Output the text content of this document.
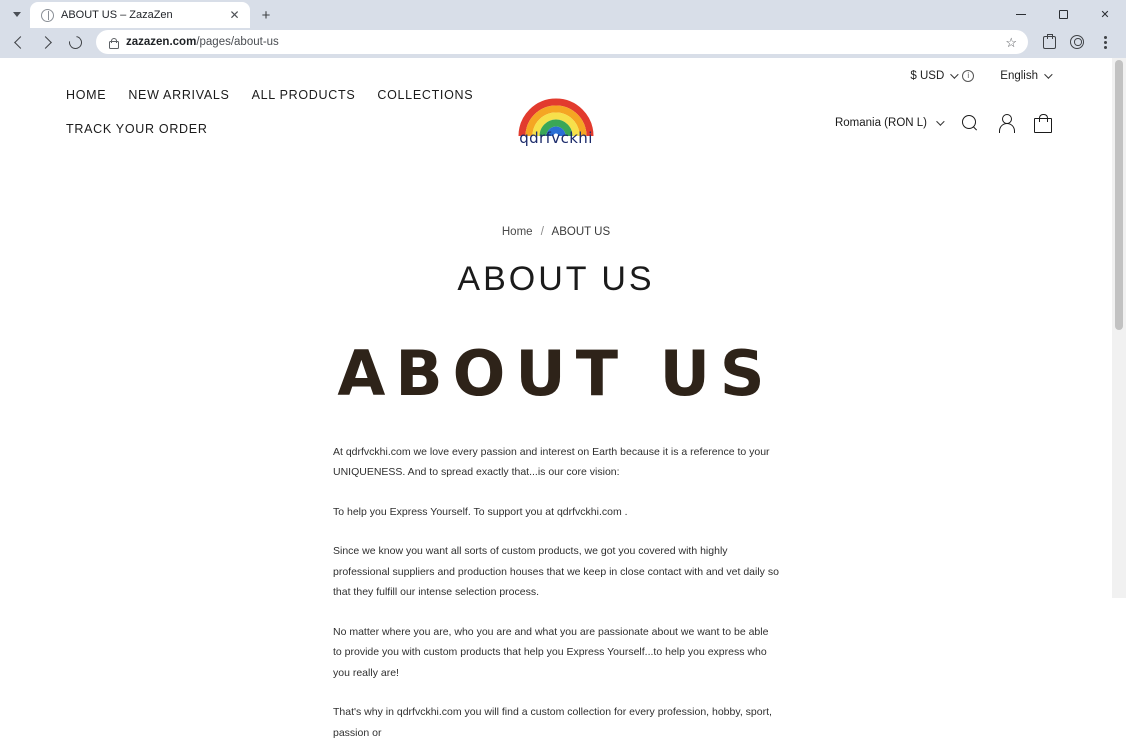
ABOUT US – ZazaZen	✕	+	✕
zazazen.com/pages/about-us	☆
$ USD	i	English
HOME NEW ARRIVALS ALL PRODUCTS COLLECTIONS
TRACK YOUR ORDER	qdrfvckhi
Romania (RON L)
Home / ABOUT US
ABOUT US
ABOUT US

At qdrfvckhi.com we love every passion and interest on Earth because it is a reference to your UNIQUENESS. And to spread exactly that...is our core vision:

To help you Express Yourself. To support you at qdrfvckhi.com .

Since we know you want all sorts of custom products, we got you covered with highly professional suppliers and production houses that we keep in close contact with and vet daily so that they fulfill our intense selection process.

No matter where you are, who you are and what you are passionate about we want to be able to provide you with custom products that help you Express Yourself...to help you express who you really are!

That's why in qdrfvckhi.com you will find a custom collection for every profession, hobby, sport, passion or
